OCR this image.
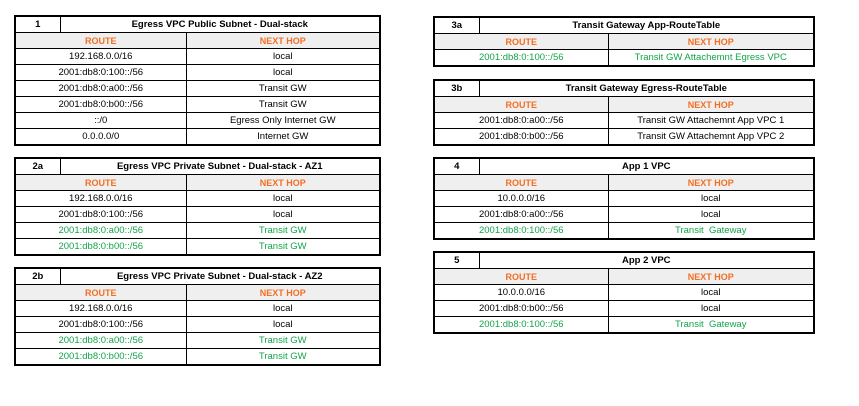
1	Egress VPC Public Subnet - Dual-stack	
ROUTE		NEXT HOP
192.168.0.0/16		local
2001:db8:0:100::/56		local
2001:db8:0:a00::/56		Transit GW
2001:db8:0:b00::/56		Transit GW
::/0		Egress Only Internet GW
0.0.0.0/0		Internet GW
2a	Egress VPC Private Subnet - Dual-stack - AZ1	
ROUTE		NEXT HOP
192.168.0.0/16		local
2001:db8:0:100::/56		local
2001:db8:0:a00::/56		Transit GW
2001:db8:0:b00::/56		Transit GW
2b	Egress VPC Private Subnet - Dual-stack - AZ2	
ROUTE		NEXT HOP
192.168.0.0/16		local
2001:db8:0:100::/56		local
2001:db8:0:a00::/56		Transit GW
2001:db8:0:b00::/56		Transit GW
3a	Transit Gateway App-RouteTable	
ROUTE		NEXT HOP
2001:db8:0:100::/56		Transit GW Attachemnt Egress VPC
3b	Transit Gateway Egress-RouteTable	
ROUTE		NEXT HOP
2001:db8:0:a00::/56		Transit GW Attachemnt App VPC 1
2001:db8:0:b00::/56		Transit GW Attachemnt App VPC 2
4	App 1 VPC	
ROUTE		NEXT HOP
10.0.0.0/16		local
2001:db8:0:a00::/56		local
2001:db8:0:100::/56		Transit  Gateway
5	App 2 VPC	
ROUTE		NEXT HOP
10.0.0.0/16		local
2001:db8:0:b00::/56		local
2001:db8:0:100::/56		Transit  Gateway
